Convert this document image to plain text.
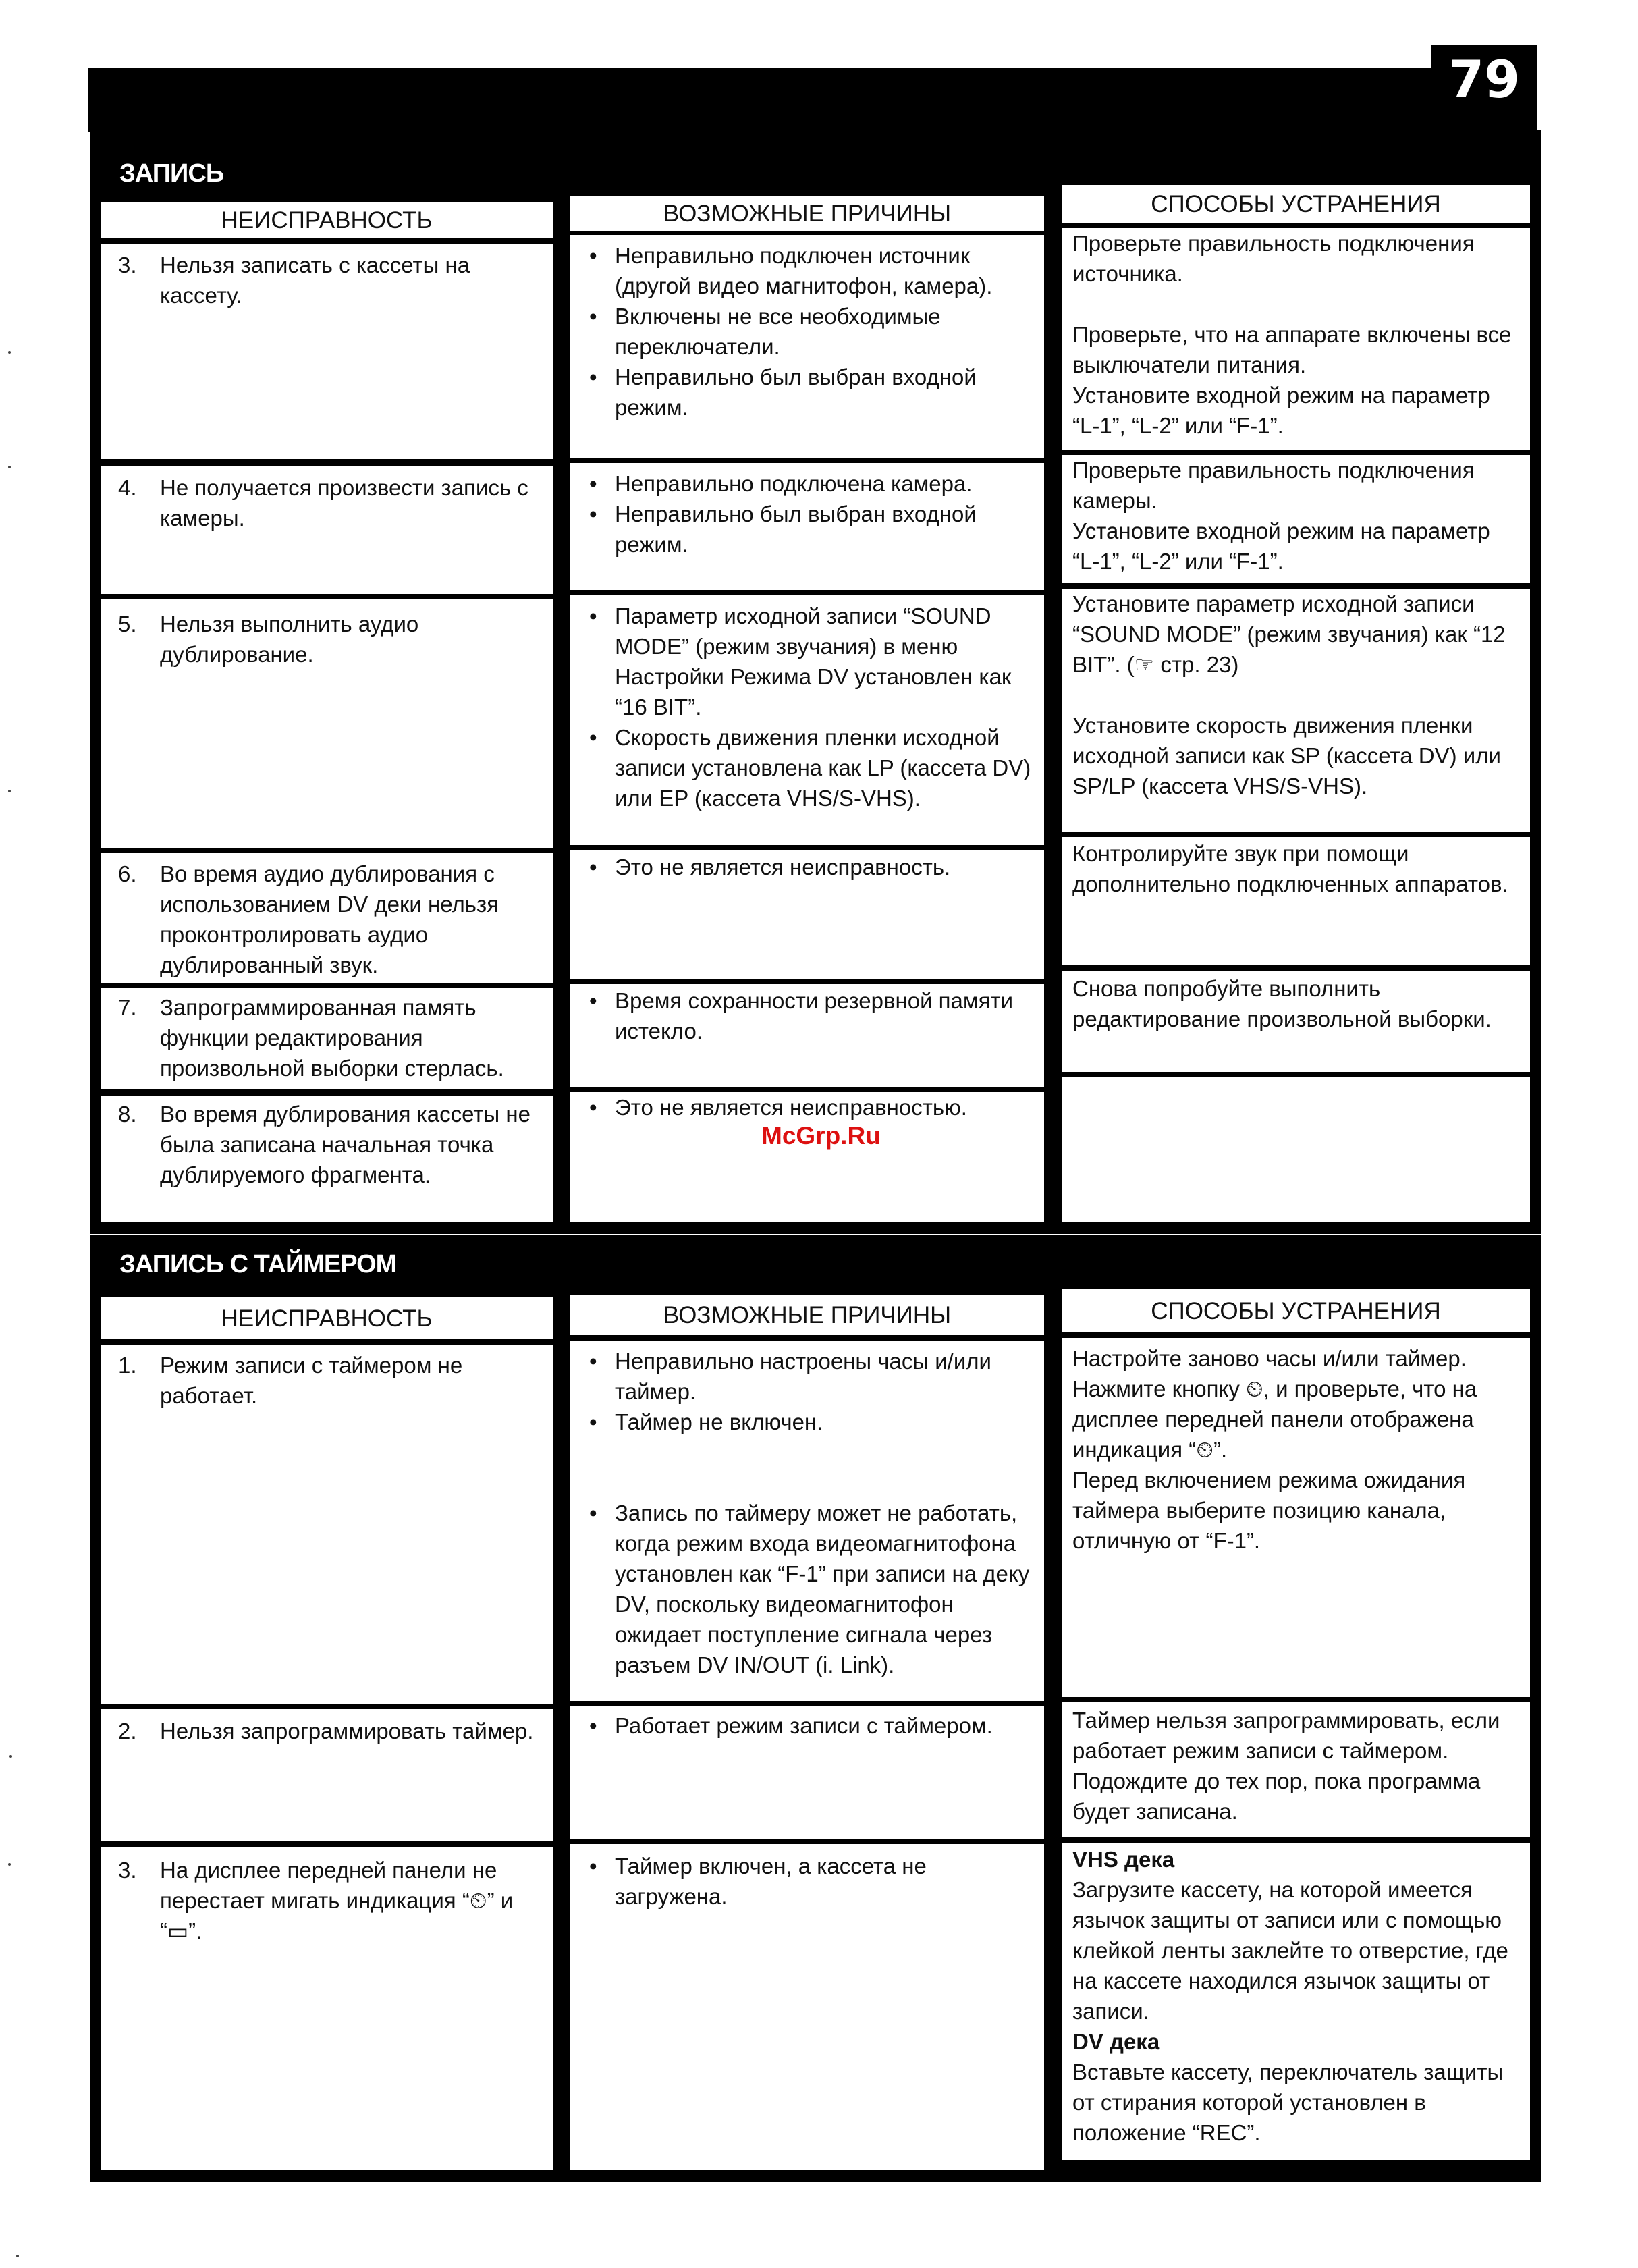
79
ЗАПИСЬ
НЕИСПРАВНОСТЬ
3. Нельзя записать с кассеты на кассету.
4. Не получается произвести запись с камеры.
5. Нельзя выполнить аудио дублирование.
6. Во время аудио дублирования с использованием DV деки нельзя проконтролировать аудио дублированный звук.
7. Запрограммированная память функции редактирования произвольной выборки стерлась.
8. Во время дублирования кассеты не была записана начальная точка дублируемого фрагмента.
ВОЗМОЖНЫЕ ПРИЧИНЫ
• Неправильно подключен источник (другой видео магнитофон, камера).
• Включены не все необходимые переключатели.
• Неправильно был выбран входной режим.
• Неправильно подключена камера.
• Неправильно был выбран входной режим.
• Параметр исходной записи “SOUND MODE” (режим звучания) в меню Настройки Режима DV установлен как “16 BIT”.
• Скорость движения пленки исходной записи установлена как LP (кассета DV) или EP (кассета VHS/S-VHS).
• Это не является неисправность.
• Время сохранности резервной памяти истекло.
• Это не является неисправностью.
СПОСОБЫ УСТРАНЕНИЯ

Проверьте правильность подключения источника.

Проверьте, что на аппарате включены все выключатели питания.

Установите входной режим на параметр “L-1”, “L-2” или “F-1”.

Проверьте правильность подключения камеры.

Установите входной режим на параметр “L-1”, “L-2” или “F-1”.

Установите параметр исходной записи “SOUND MODE” (режим звучания) как “12 BIT”. (☞ стр. 23)

Установите скорость движения пленки исходной записи как SP (кассета DV) или SP/LP (кассета VHS/S-VHS).

Контролируйте звук при помощи дополнительно подключенных аппаратов.

Снова попробуйте выполнить редактирование произвольной выборки.

McGrp.Ru
ЗАПИСЬ С ТАЙМЕРОМ
НЕИСПРАВНОСТЬ
1. Режим записи с таймером не работает.
2. Нельзя запрограммировать таймер.
3. На дисплее передней панели не перестает мигать индикация “⏲” и “▭”.
ВОЗМОЖНЫЕ ПРИЧИНЫ
• Неправильно настроены часы и/или таймер.
• Таймер не включен.
• Запись по таймеру может не работать, когда режим входа видеомагнитофона установлен как “F-1” при записи на деку DV, поскольку видеомагнитофон ожидает поступление сигнала через разъем DV IN/OUT (i. Link).
• Работает режим записи с таймером.
• Таймер включен, а кассета не загружена.
СПОСОБЫ УСТРАНЕНИЯ

Настройте заново часы и/или таймер.

Нажмите кнопку ⏲, и проверьте, что на дисплее передней панели отображена индикация “⏲”.

Перед включением режима ожидания таймера выберите позицию канала, отличную от “F-1”.

Таймер нельзя запрограммировать, если работает режим записи с таймером. Подождите до тех пор, пока программа будет записана.

VHS дека

Загрузите кассету, на которой имеется язычок защиты от записи или с помощью клейкой ленты заклейте то отверстие, где на кассете находился язычок защиты от записи.

DV дека

Вставьте кассету, переключатель защиты от стирания которой установлен в положение “REC”.
